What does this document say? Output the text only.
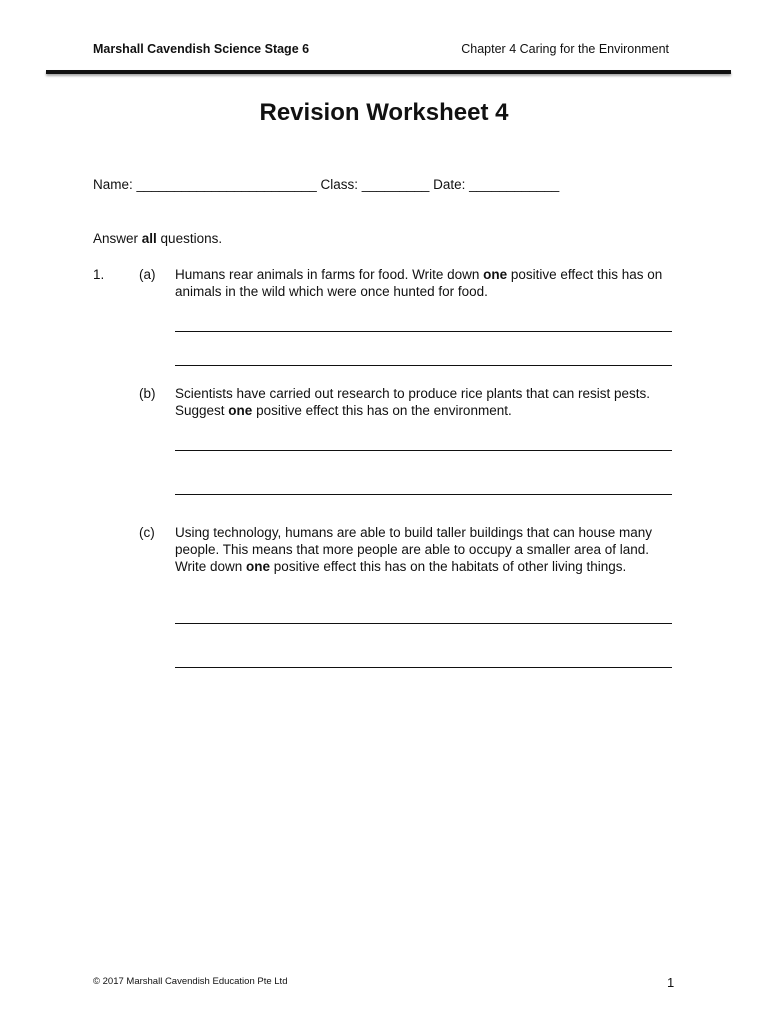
Marshall Cavendish Science Stage 6	Chapter 4 Caring for the Environment
Revision Worksheet 4
Name: ________________________ Class: _________ Date: ____________
Answer all questions.
1.	(a) Humans rear animals in farms for food. Write down one positive effect this has on animals in the wild which were once hunted for food.
(b) Scientists have carried out research to produce rice plants that can resist pests. Suggest one positive effect this has on the environment.
(c) Using technology, humans are able to build taller buildings that can house many people. This means that more people are able to occupy a smaller area of land. Write down one positive effect this has on the habitats of other living things.
© 2017 Marshall Cavendish Education Pte Ltd	1
